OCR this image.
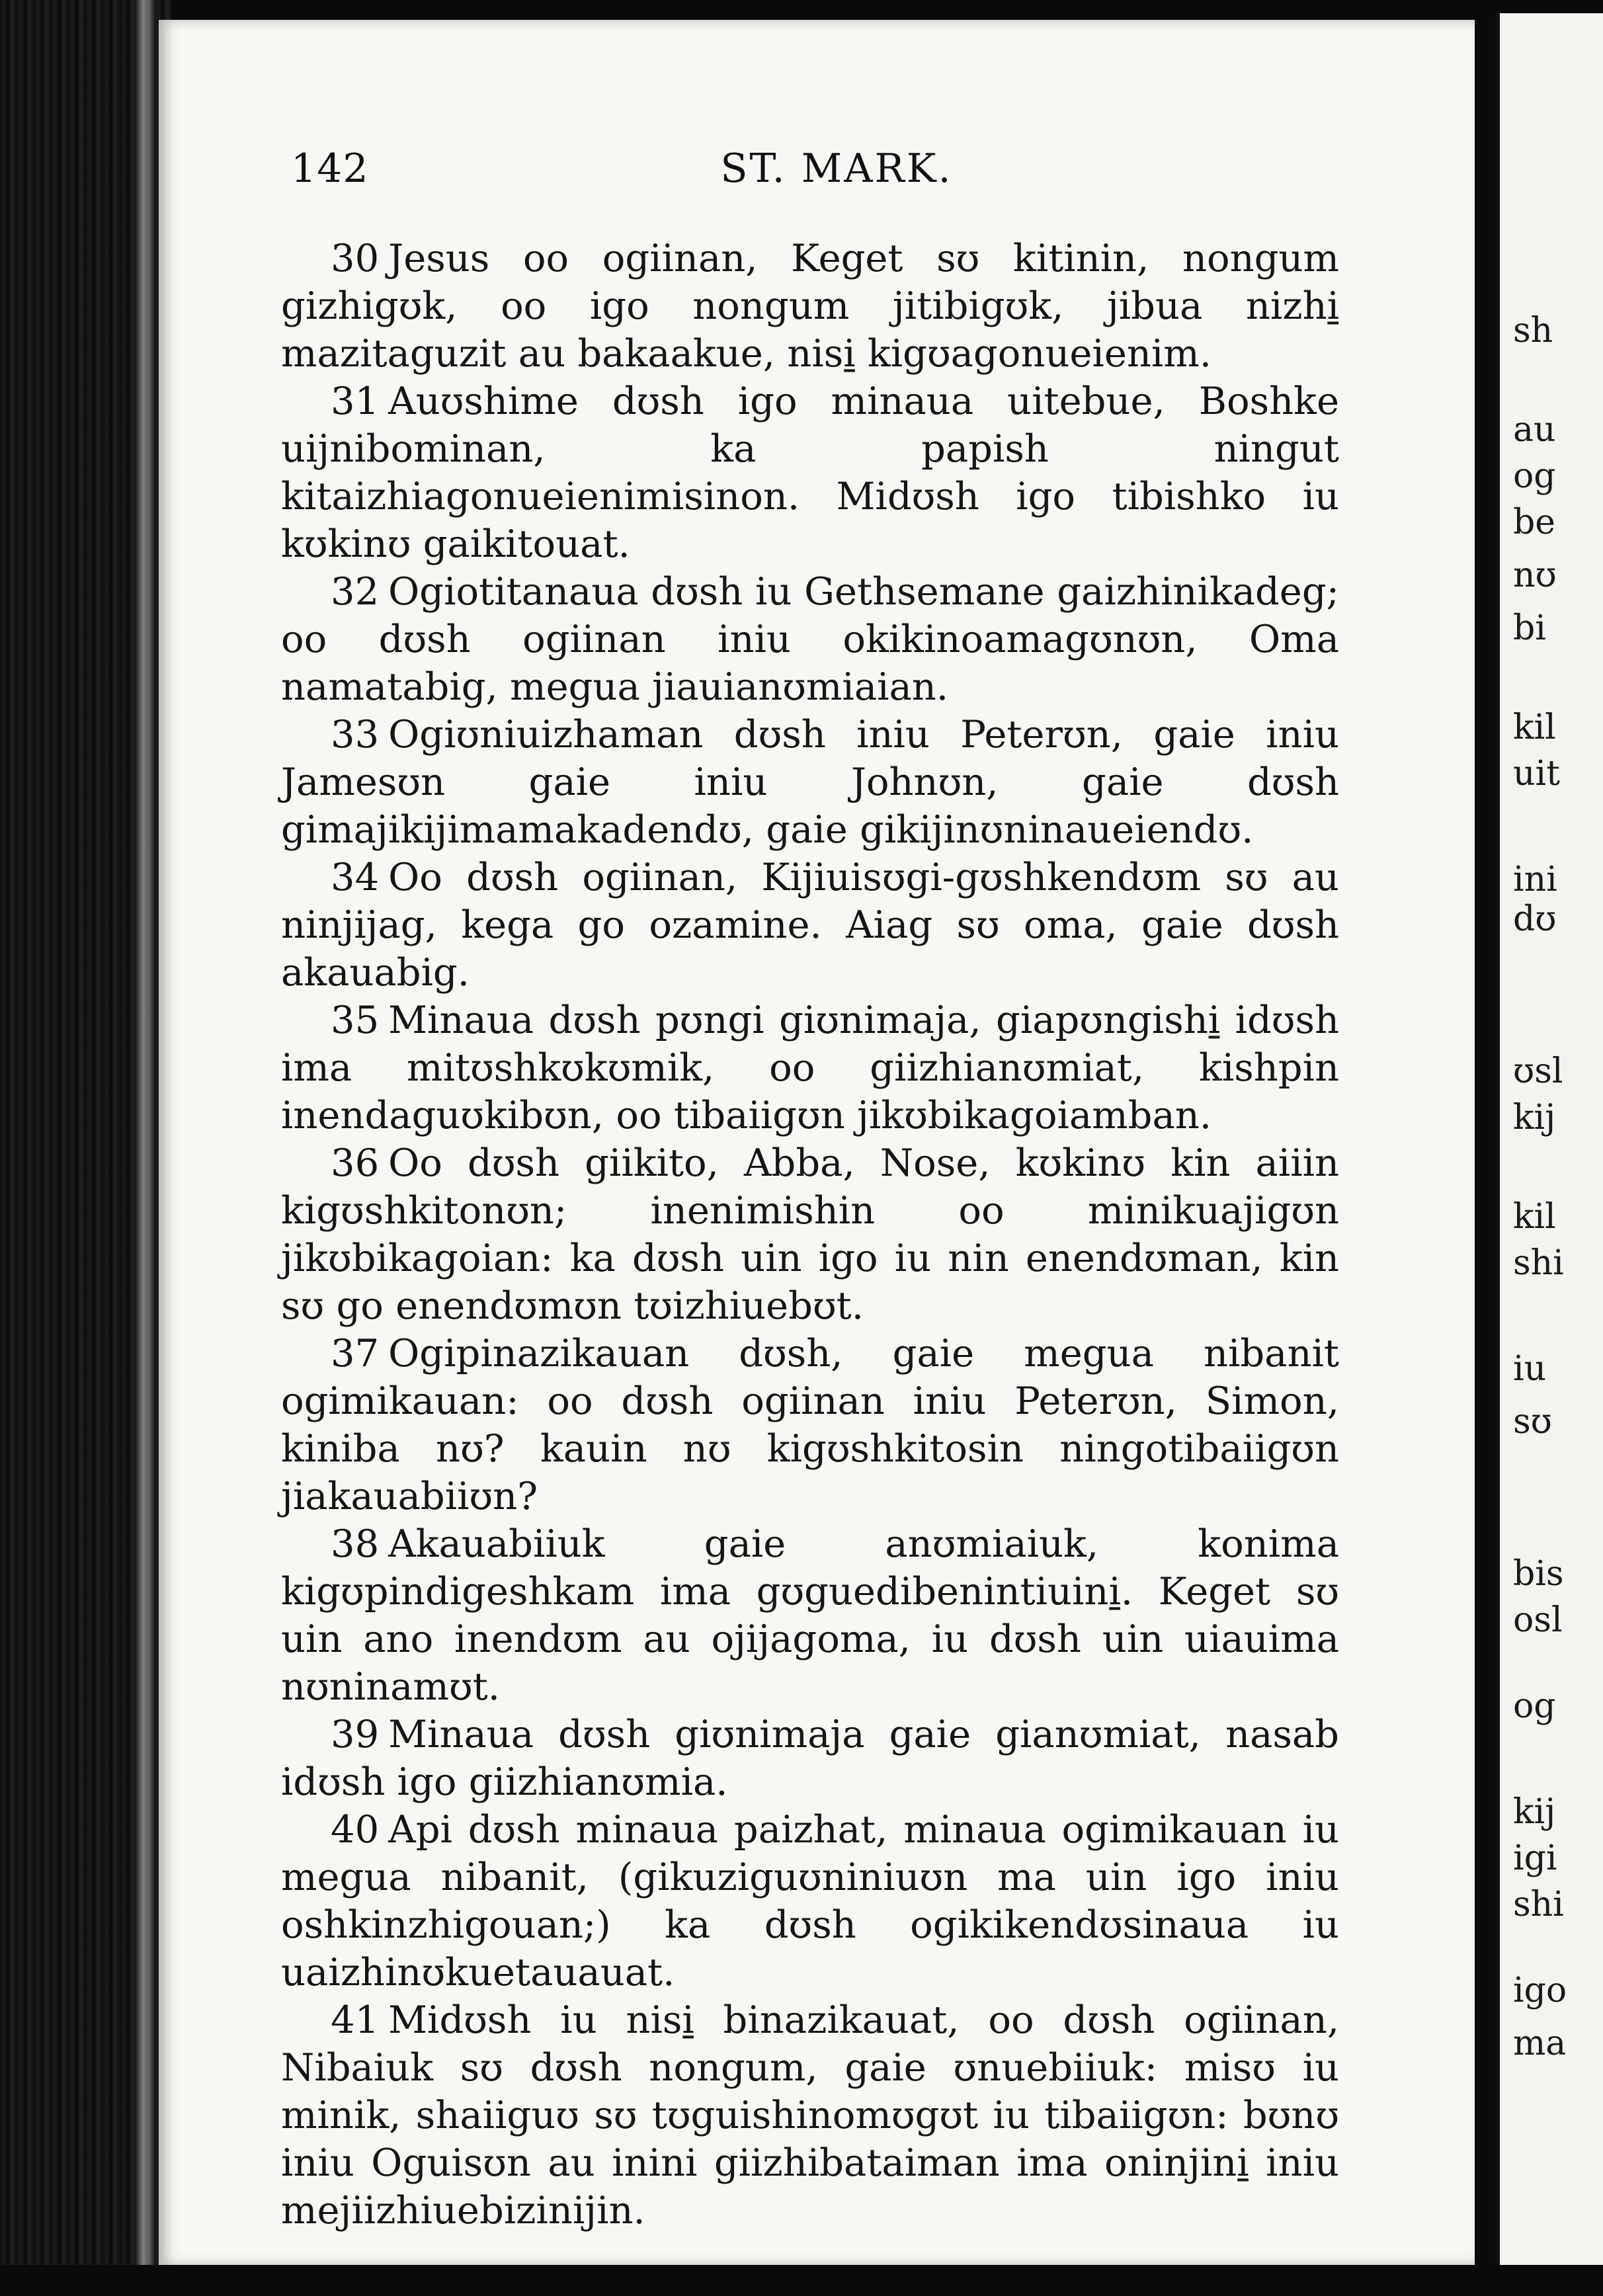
142	ST. MARK.

30 Jesus oo ogiinan, Keget sʊ kitinin, nongum gizhigʊk, oo igo nongum jitibigʊk, jibua nizhi̱ mazitaguzit au bakaakue, nisi̱ kigʊagonueienim.

31 Auʊshime dʊsh igo minaua uitebue, Boshke uijnibominan, ka papish ningut kitaizhiagonueienimisinon. Midʊsh igo tibishko iu kʊkinʊ gaikitouat.

32 Ogiotitanaua dʊsh iu Gethsemane gaizhinikadeg; oo dʊsh ogiinan iniu okikinoamagʊnʊn, Oma namatabig, megua jiauianʊmiaian.

33 Ogiʊniuizhaman dʊsh iniu Peterʊn, gaie iniu Jamesʊn gaie iniu Johnʊn, gaie dʊsh gimajikijimamakadendʊ, gaie gikijinʊninaueiendʊ.

34 Oo dʊsh ogiinan, Kijiuisʊgi-gʊshkendʊm sʊ au ninjijag, kega go ozamine. Aiag sʊ oma, gaie dʊsh akauabig.

35 Minaua dʊsh pʊngi giʊnimaja, giapʊngishi̱ idʊsh ima mitʊshkʊkʊmik, oo giizhianʊmiat, kishpin inendaguʊkibʊn, oo tibaiigʊn jikʊbikagoiamban.

36 Oo dʊsh giikito, Abba, Nose, kʊkinʊ kin aiiin kigʊshkitonʊn; inenimishin oo minikuajigʊn jikʊbikagoian: ka dʊsh uin igo iu nin enendʊman, kin sʊ go enendʊmʊn tʊizhiuebʊt.

37 Ogipinazikauan dʊsh, gaie megua nibanit ogimikauan: oo dʊsh ogiinan iniu Peterʊn, Simon, kiniba nʊ? kauin nʊ kigʊshkitosin ningotibaiigʊn jiakauabiiʊn?

38 Akauabiiuk gaie anʊmiaiuk, konima kigʊpindigeshkam ima gʊguedibenintiuini̱. Keget sʊ uin ano inendʊm au ojijagoma, iu dʊsh uin uiauima nʊninamʊt.

39 Minaua dʊsh giʊnimaja gaie gianʊmiat, nasab idʊsh igo giizhianʊmia.

40 Api dʊsh minaua paizhat, minaua ogimikauan iu megua nibanit, (gikuziguʊniniuʊn ma uin igo iniu oshkinzhigouan;) ka dʊsh ogikikendʊsinaua iu uaizhinʊkuetauauat.

41 Midʊsh iu nisi̱ binazikauat, oo dʊsh ogiinan, Nibaiuk sʊ dʊsh nongum, gaie ʊnuebiiuk: misʊ iu minik, shaiiguʊ sʊ tʊguishinomʊgʊt iu tibaiigʊn: bʊnʊ iniu Oguisʊn au inini giizhibataiman ima oninjini̱ iniu mejiizhiuebizinijin.

sh
au
og
be
nʊ
bi
kil
uit
ini
dʊ
ʊsl
kij
kil
shi
iu
sʊ
bis
osl
og
kij
igi
shi
igo
ma
